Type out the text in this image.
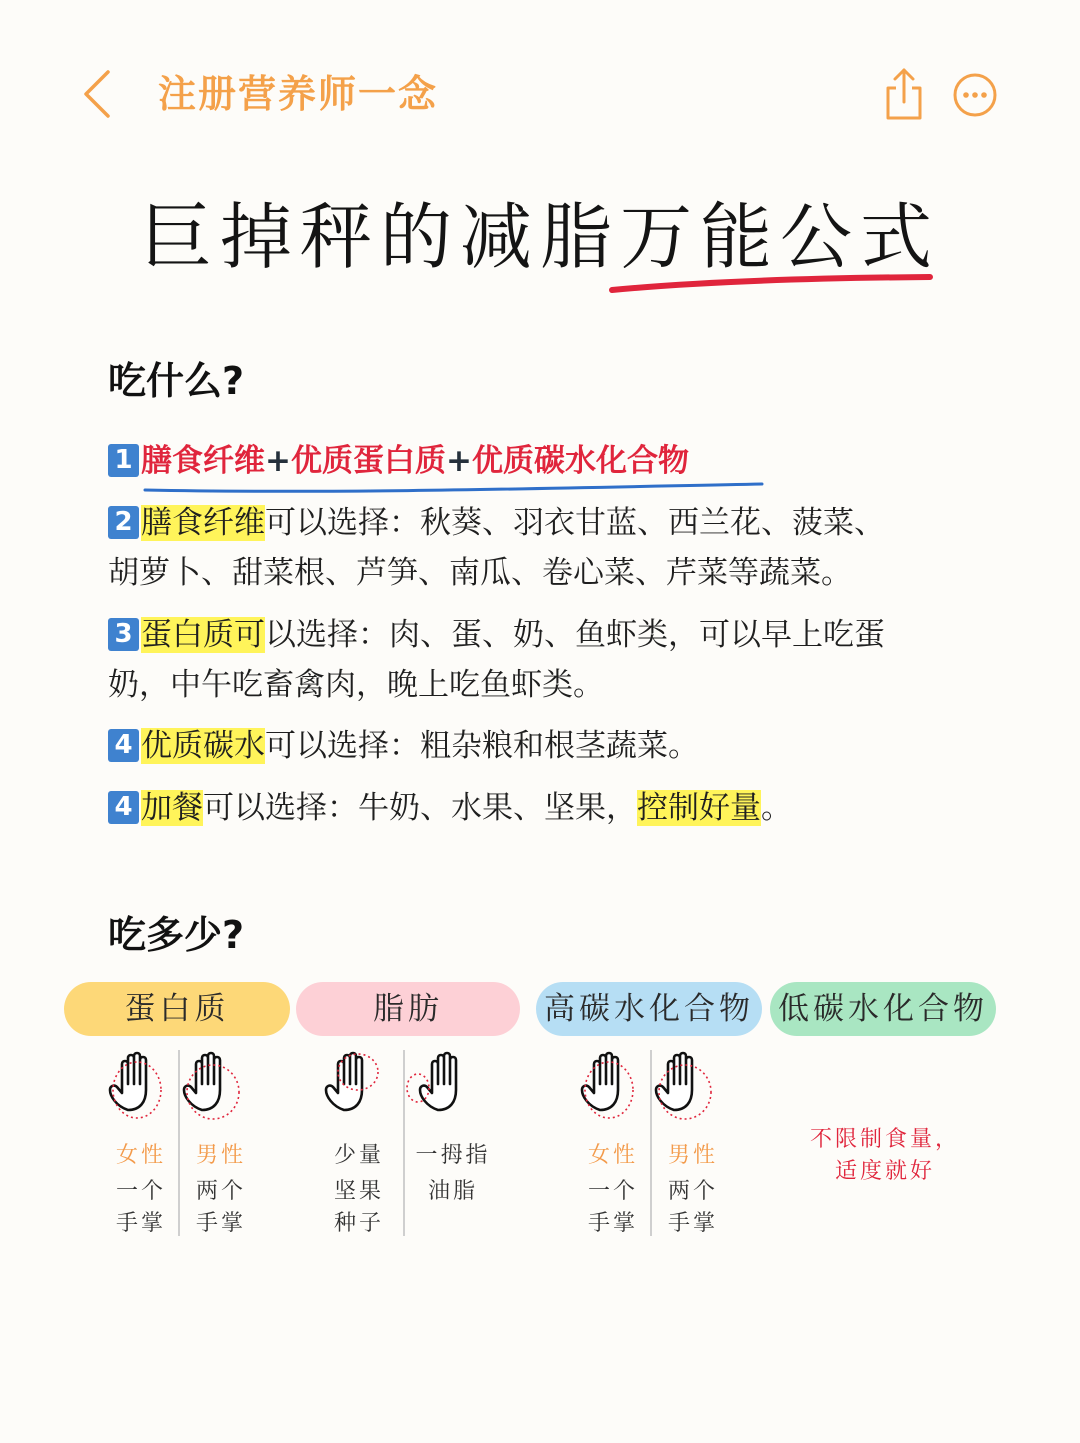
注册营养师一念
巨掉秤的减脂万能公式
吃什么?
1 膳食纤维+优质蛋白质+优质碳水化合物
2 膳食纤维可以选择：秋葵、羽衣甘蓝、西兰花、菠菜、
胡萝卜、甜菜根、芦笋、南瓜、卷心菜、芹菜等蔬菜。
3 蛋白质可以选择：肉、蛋、奶、鱼虾类，可以早上吃蛋
奶，中午吃畜禽肉，晚上吃鱼虾类。
4 优质碳水可以选择：粗杂粮和根茎蔬菜。
4 加餐可以选择：牛奶、水果、坚果，控制好量。
吃多少?
蛋白质	脂肪	高碳水化合物 低碳水化合物
女性
一个
手掌
男性
两个
手掌
少量
坚果
种子
一拇指
油脂
女性
一个
手掌
男性
两个
手掌
不限制食量，
适度就好
